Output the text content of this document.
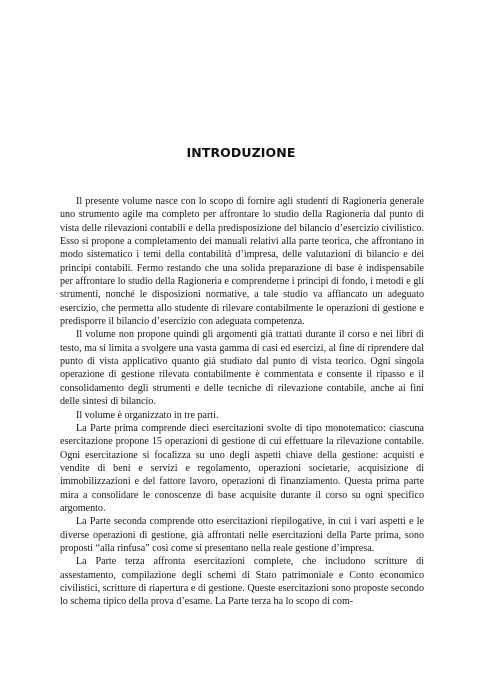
INTRODUZIONE

Il presente volume nasce con lo scopo di fornire agli studenti di Ragioneria generale uno strumento agile ma completo per affrontare lo studio della Ragioneria dal punto di vista delle rilevazioni contabili e della predisposizione del bilancio d’esercizio civilistico. Esso si propone a completamento dei manuali relativi alla parte teorica, che affrontano in modo sistematico i temi della contabilità d’impresa, delle valutazioni di bilancio e dei principi contabili. Fermo restando che una solida preparazione di base è indispensabile per affrontare lo studio della Ragioneria e comprenderne i principi di fondo, i metodi e gli strumenti, nonché le disposizioni normative, a tale studio va affiancato un adeguato esercizio, che permetta allo studente di rilevare contabilmente le operazioni di gestione e predisporre il bilancio d’esercizio con adeguata competenza.

Il volume non propone quindi gli argomenti già trattati durante il corso e nei libri di testo, ma si limita a svolgere una vasta gamma di casi ed esercizi, al fine di riprendere dal punto di vista applicativo quanto già studiato dal punto di vista teorico. Ogni singola operazione di gestione rilevata contabilmente è commentata e consente il ripasso e il consolidamento degli strumenti e delle tecniche di rilevazione contabile, anche ai fini delle sintesi di bilancio.

Il volume è organizzato in tre parti.

La Parte prima comprende dieci esercitazioni svolte di tipo monotematico: ciascuna esercitazione propone 15 operazioni di gestione di cui effettuare la rilevazione contabile. Ogni esercitazione si focalizza su uno degli aspetti chiave della gestione: acquisti e vendite di beni e servizi e regolamento, operazioni societarie, acquisizione di immobilizzazioni e del fattore lavoro, operazioni di finanziamento. Questa prima parte mira a consolidare le conoscenze di base acquisite durante il corso su ogni specifico argomento.

La Parte seconda comprende otto esercitazioni riepilogative, in cui i vari aspetti e le diverse operazioni di gestione, già affrontati nelle esercitazioni della Parte prima, sono proposti “alla rinfusa” così come si presentano nella reale gestione d’impresa.

La Parte terza affronta esercitazioni complete, che includono scritture di assestamento, compilazione degli schemi di Stato patrimoniale e Conto economico civilistici, scritture di riapertura e di gestione. Queste esercitazioni sono proposte secondo lo schema tipico della prova d’esame. La Parte terza ha lo scopo di com-
